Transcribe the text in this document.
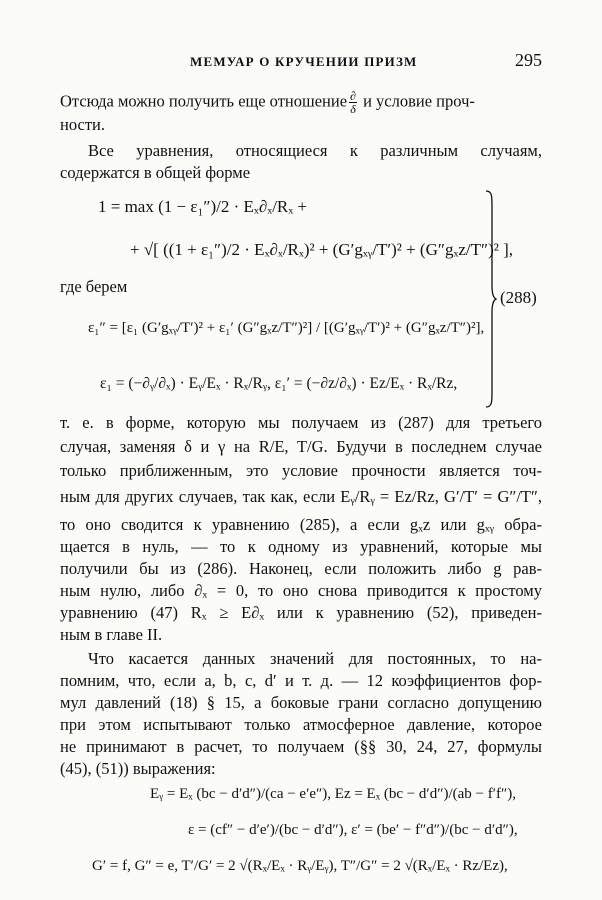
МЕМУАР О КРУЧЕНИИ ПРИЗМ	295
Отсюда можно получить еще отношение $\frac{\partial}{\delta}$ и условие проч-
ности.
Все уравнения, относящиеся к различным случаям,
содержатся в общей форме
1 = max (1 − ε₁″)/2 · Eₓ∂ₓ/Rₓ +
+ √[ ((1 + ε₁″)/2 · Eₓ∂ₓ/Rₓ)² + (G′gₓᵧ/T′)² + (G″gₓz/T″)² ],
где берем
ε₁″ = [ε₁ (G′gₓᵧ/T′)² + ε₁′ (G″gₓz/T″)²] / [(G′gₓᵧ/T′)² + (G″gₓz/T″)²],
ε₁ = (−∂ᵧ/∂ₓ) · Eᵧ/Eₓ · Rₓ/Rᵧ, ε₁′ = (−∂z/∂ₓ) · Ez/Eₓ · Rₓ/Rz,
(288)
т. е. в форме, которую мы получаем из (287) для третьего
случая, заменяя δ и γ на R/E, T/G. Будучи в последнем случае
только приближенным, это условие прочности является точ-
ным для других случаев, так как, если Eᵧ/Rᵧ = Ez/Rz, G′/T′ = G″/T″,
то оно сводится к уравнению (285), а если gₓz или gₓᵧ обра-
щается в нуль, — то к одному из уравнений, которые мы
получили бы из (286). Наконец, если положить либо g рав-
ным нулю, либо ∂ₓ = 0, то оно снова приводится к простому
уравнению (47) Rₓ ≥ E∂ₓ или к уравнению (52), приведен-
ным в главе II.
Что касается данных значений для постоянных, то на-
помним, что, если a, b, c, d′ и т. д. — 12 коэффициентов фор-
мул давлений (18) § 15, а боковые грани согласно допущению
при этом испытывают только атмосферное давление, которое
не принимают в расчет, то получаем (§§ 30, 24, 27, формулы
(45), (51)) выражения:
Eᵧ = Eₓ (bc − d′d″)/(ca − e′e″), Ez = Eₓ (bc − d′d″)/(ab − f′f″),
ε = (cf″ − d′e′)/(bc − d′d″), ε′ = (be′ − f″d″)/(bc − d′d″),
G′ = f, G″ = e, T′/G′ = 2 √(Rₓ/Eₓ · Rᵧ/Eᵧ), T″/G″ = 2 √(Rₓ/Eₓ · Rz/Ez),
